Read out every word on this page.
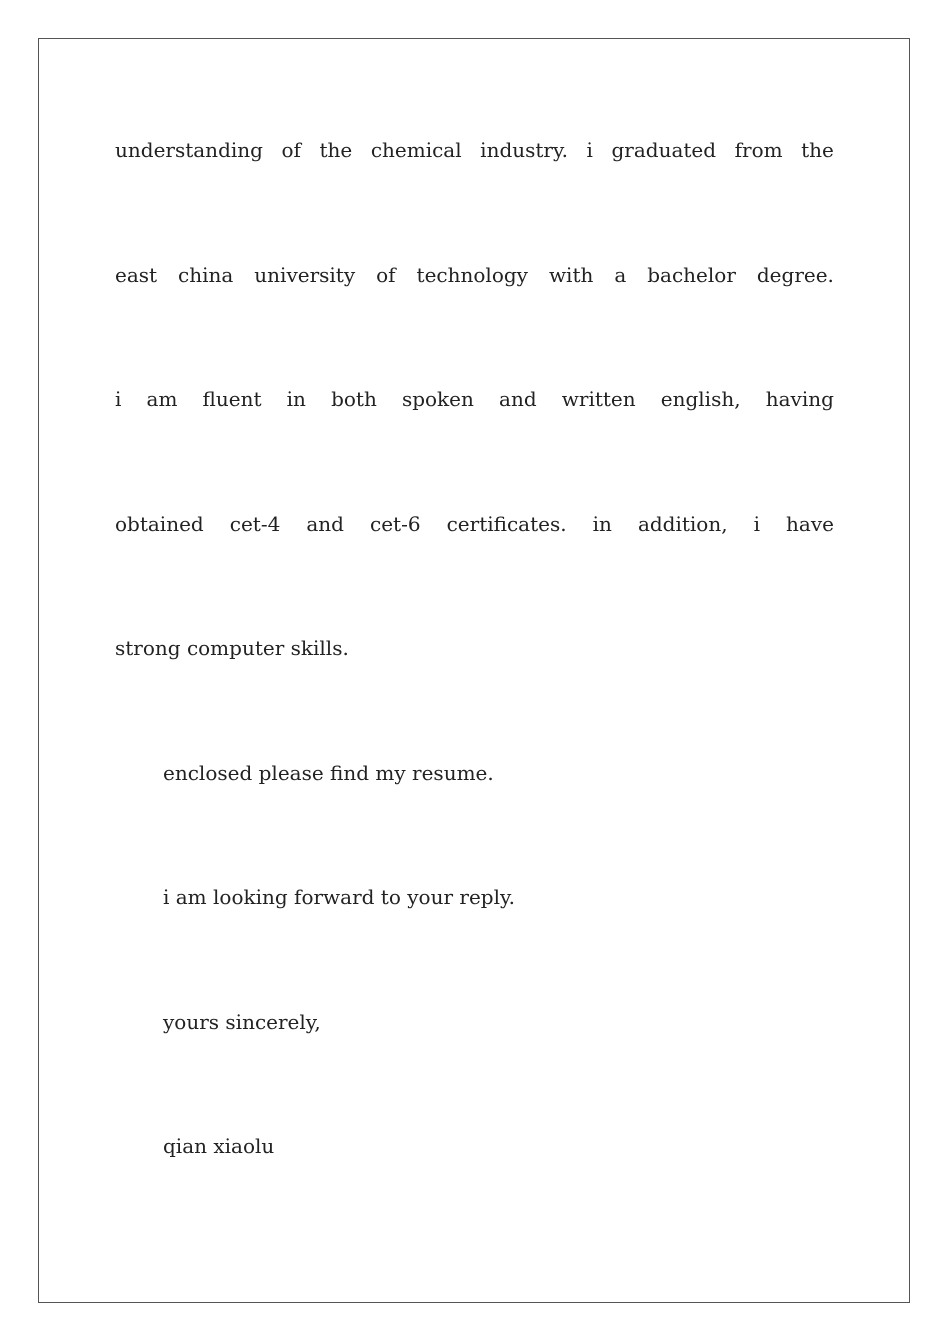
understanding of the chemical industry. i graduated from the
east china university of technology with a bachelor degree.
i am fluent in both spoken and written english, having
obtained cet-4 and cet-6 certificates. in addition, i have
strong computer skills.
enclosed please find my resume.
i am looking forward to your reply.
yours sincerely,
qian xiaolu
